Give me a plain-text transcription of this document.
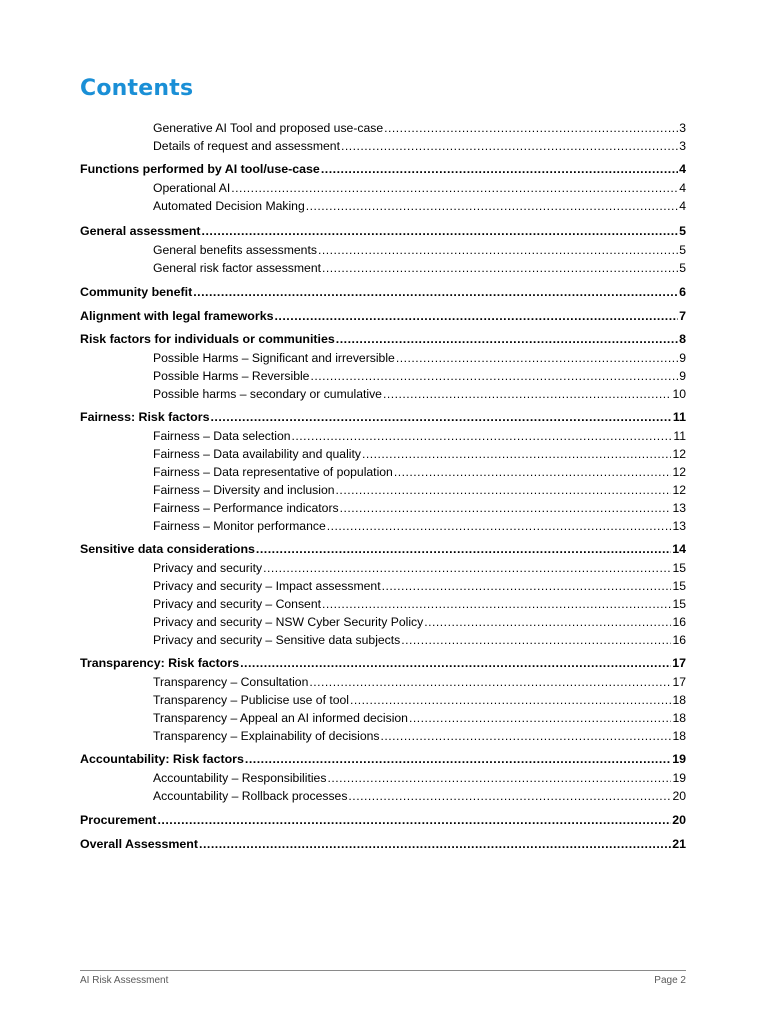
Contents
Generative AI Tool and proposed use-case .....	3
Details of request and assessment .....	3
Functions performed by AI tool/use-case .....	4
Operational AI .....	4
Automated Decision Making .....	4
General assessment .....	5
General benefits assessments .....	5
General risk factor assessment .....	5
Community benefit .....	6
Alignment with legal frameworks .....	7
Risk factors for individuals or communities .....	8
Possible Harms – Significant and irreversible .....	9
Possible Harms – Reversible .....	9
Possible harms – secondary or cumulative .....	10
Fairness: Risk factors .....	11
Fairness – Data selection .....	11
Fairness – Data availability and quality .....	12
Fairness – Data representative of population .....	12
Fairness – Diversity and inclusion .....	12
Fairness – Performance indicators .....	13
Fairness – Monitor performance .....	13
Sensitive data considerations .....	14
Privacy and security .....	15
Privacy and security – Impact assessment .....	15
Privacy and security – Consent .....	15
Privacy and security – NSW Cyber Security Policy .....	16
Privacy and security – Sensitive data subjects .....	16
Transparency: Risk factors .....	17
Transparency – Consultation .....	17
Transparency – Publicise use of tool .....	18
Transparency – Appeal an AI informed decision .....	18
Transparency – Explainability of decisions .....	18
Accountability: Risk factors .....	19
Accountability – Responsibilities .....	19
Accountability – Rollback processes .....	20
Procurement .....	20
Overall Assessment .....	21
AI Risk Assessment	Page 2
